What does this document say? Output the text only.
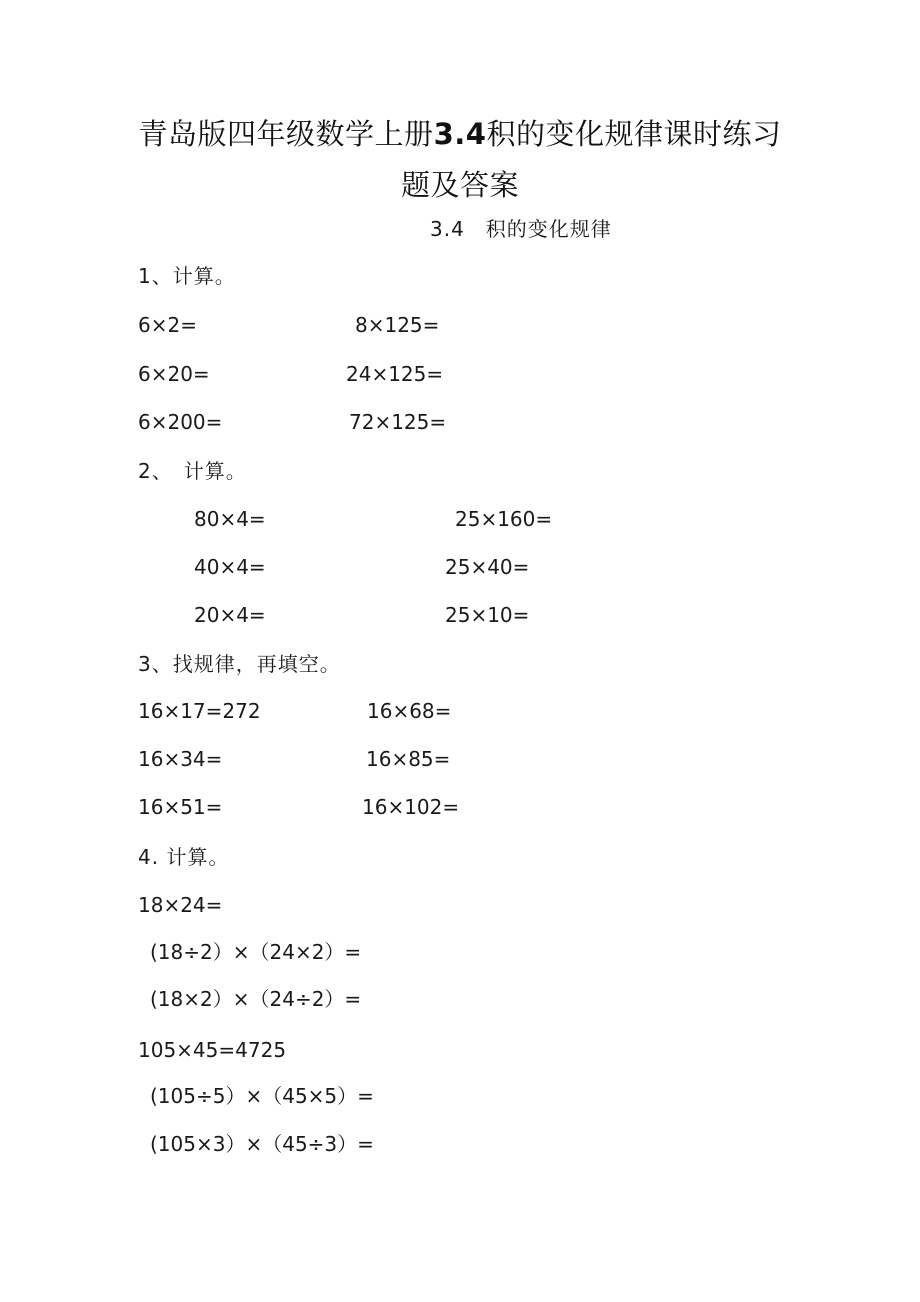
青岛版四年级数学上册3.4积的变化规律课时练习
题及答案
3.4　积的变化规律
1、计算。
6×2=
6×20=
6×200=
8×125=
24×125=
72×125=
2、　计算。
80×4=
40×4=
20×4=
25×160=
25×40=
25×10=
3、找规律，再填空。
16×17=272
16×34=
16×51=
16×68=
16×85=
16×102=
4. 计算。
18×24=
(18÷2）×（24×2）=
(18×2）×（24÷2）=
105×45=4725
(105÷5）×（45×5）=
(105×3）×（45÷3）=
